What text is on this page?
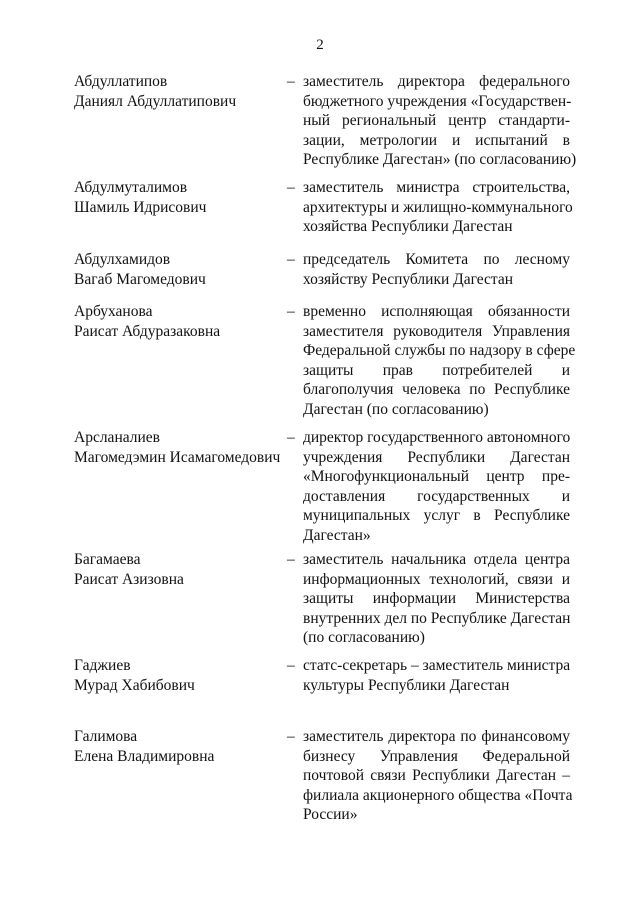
2
Абдуллатипов
Даниял Абдуллатипович
– заместитель директора федерального
бюджетного учреждения «Государствен-
ный региональный центр стандарти-
зации, метрологии и испытаний в
Республике Дагестан» (по согласованию)
Абдулмуталимов
Шамиль Идрисович
– заместитель министра строительства,
архитектуры и жилищно-коммунального
хозяйства Республики Дагестан
Абдулхамидов
Вагаб Магомедович
– председатель Комитета по лесному
хозяйству Республики Дагестан
Арбуханова
Раисат Абдуразаковна
– временно исполняющая обязанности
заместителя руководителя Управления
Федеральной службы по надзору в сфере
защиты прав потребителей и
благополучия человека по Республике
Дагестан (по согласованию)
Арсланалиев
Магомедэмин Исамагомедович
– директор государственного автономного
учреждения Республики Дагестан
«Многофункциональный центр пре-
доставления государственных и
муниципальных услуг в Республике
Дагестан»
Багамаева
Раисат Азизовна
– заместитель начальника отдела центра
информационных технологий, связи и
защиты информации Министерства
внутренних дел по Республике Дагестан
(по согласованию)
Гаджиев
Мурад Хабибович
– статс-секретарь – заместитель министра
культуры Республики Дагестан
Галимова
Елена Владимировна
– заместитель директора по финансовому
бизнесу Управления Федеральной
почтовой связи Республики Дагестан –
филиала акционерного общества «Почта
России»
